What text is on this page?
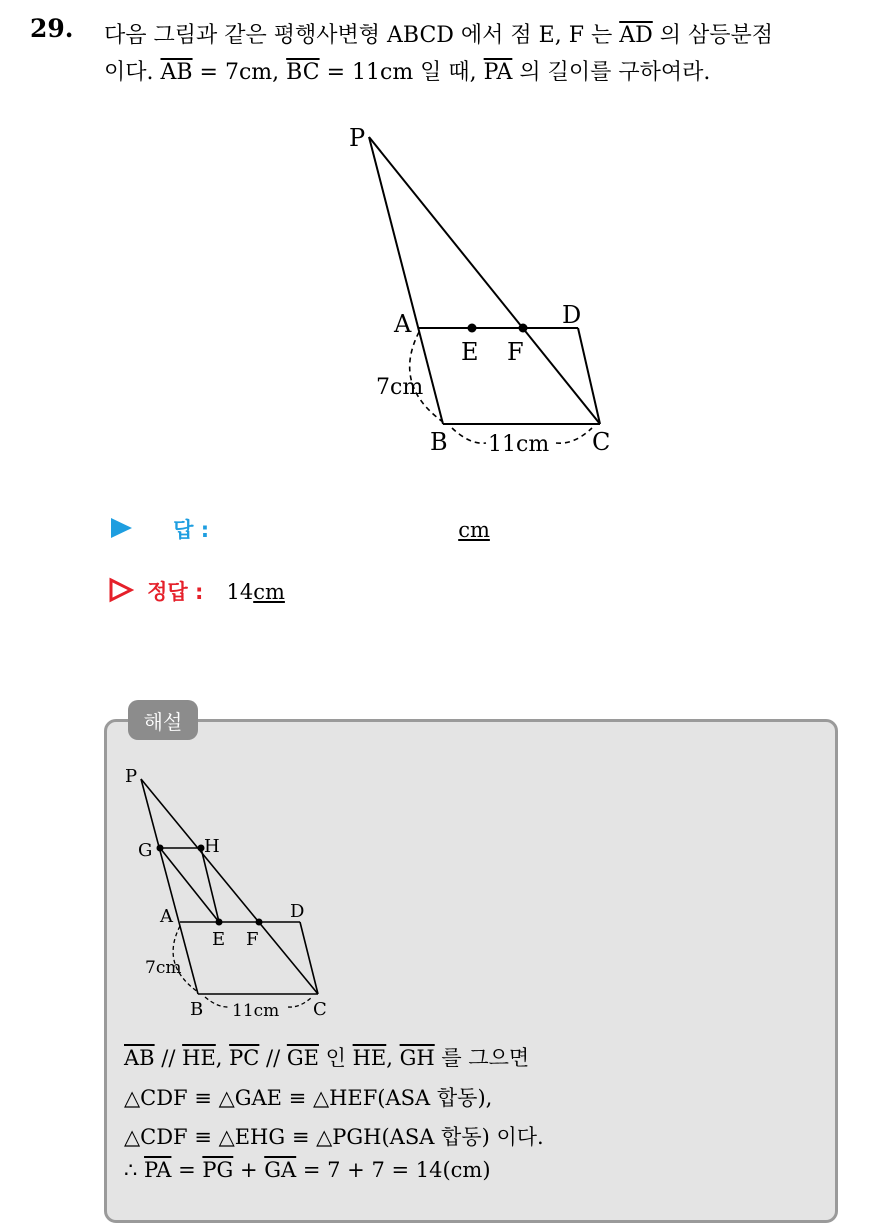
29. 다음 그림과 같은 평행사변형 ABCD 에서 점 E, F 는 $\overline{AD}$ 의 삼등분점
이다. $\overline{AB} = 7cm$, $\overline{BC} = 11cm$ 일 때, $\overline{PA}$ 의 길이를 구하여라.
P
A	D
E F
B	C
7cm
11cm
답 :	cm
정답 : 14cm
해설
P
G	H
A
E F
D
B	C
7cm
11cm
$\overline{AB} // \overline{HE}$, $\overline{PC} // \overline{GE}$ 인 $\overline{HE}$, $\overline{GH}$ 를 그으면
△CDF ≡ △GAE ≡ △HEF(ASA 합동),
△CDF ≡ △EHG ≡ △PGH(ASA 합동) 이다.
∴ $\overline{PA} = \overline{PG} + \overline{GA} = 7 + 7 = 14(cm)$
